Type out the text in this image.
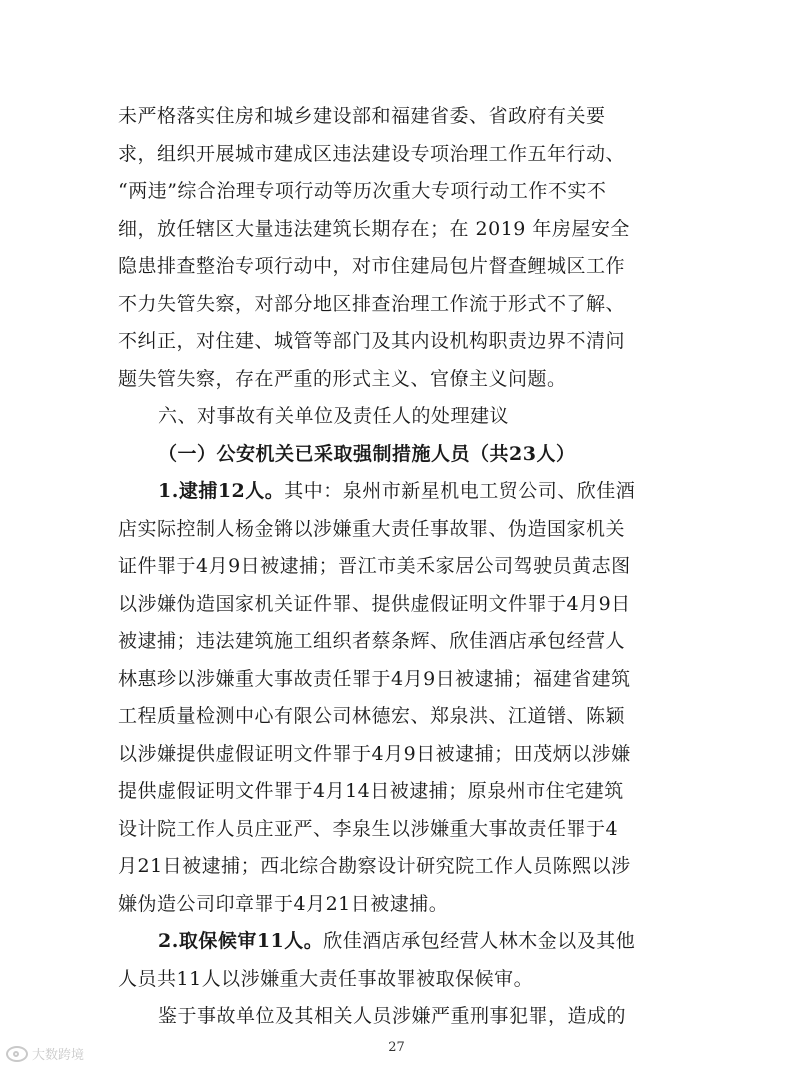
未严格落实住房和城乡建设部和福建省委、省政府有关要
求，组织开展城市建成区违法建设专项治理工作五年行动、
“两违”综合治理专项行动等历次重大专项行动工作不实不
细，放任辖区大量违法建筑长期存在；在 2019 年房屋安全
隐患排查整治专项行动中，对市住建局包片督查鲤城区工作
不力失管失察，对部分地区排查治理工作流于形式不了解、
不纠正，对住建、城管等部门及其内设机构职责边界不清问
题失管失察，存在严重的形式主义、官僚主义问题。
六、对事故有关单位及责任人的处理建议
（一）公安机关已采取强制措施人员（共23人）
1.逮捕12人。其中：泉州市新星机电工贸公司、欣佳酒
店实际控制人杨金锵以涉嫌重大责任事故罪、伪造国家机关
证件罪于4月9日被逮捕；晋江市美禾家居公司驾驶员黄志图
以涉嫌伪造国家机关证件罪、提供虚假证明文件罪于4月9日
被逮捕；违法建筑施工组织者蔡条辉、欣佳酒店承包经营人
林惠珍以涉嫌重大事故责任罪于4月9日被逮捕；福建省建筑
工程质量检测中心有限公司林德宏、郑泉洪、江道镨、陈颖
以涉嫌提供虚假证明文件罪于4月9日被逮捕；田茂炳以涉嫌
提供虚假证明文件罪于4月14日被逮捕；原泉州市住宅建筑
设计院工作人员庄亚严、李泉生以涉嫌重大事故责任罪于4
月21日被逮捕；西北综合勘察设计研究院工作人员陈熙以涉
嫌伪造公司印章罪于4月21日被逮捕。
2.取保候审11人。欣佳酒店承包经营人林木金以及其他
人员共11人以涉嫌重大责任事故罪被取保候审。
鉴于事故单位及其相关人员涉嫌严重刑事犯罪，造成的
27
大数跨境
